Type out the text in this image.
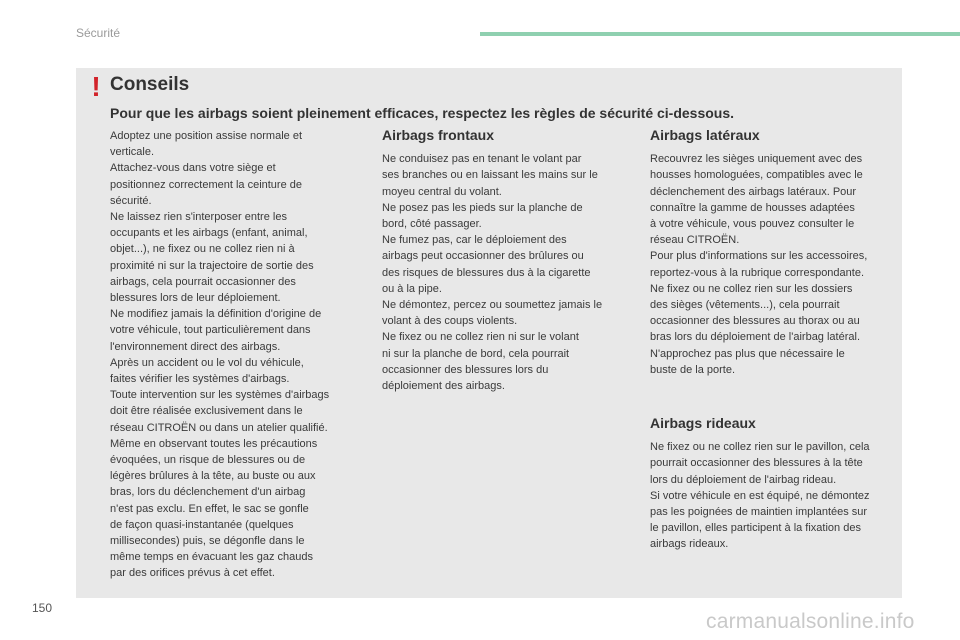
Sécurité
! Conseils
Pour que les airbags soient pleinement efficaces, respectez les règles de sécurité ci-dessous.

Adoptez une position assise normale et
verticale.
Attachez-vous dans votre siège et
positionnez correctement la ceinture de
sécurité.
Ne laissez rien s'interposer entre les
occupants et les airbags (enfant, animal,
objet...), ne fixez ou ne collez rien ni à
proximité ni sur la trajectoire de sortie des
airbags, cela pourrait occasionner des
blessures lors de leur déploiement.
Ne modifiez jamais la définition d'origine de
votre véhicule, tout particulièrement dans
l'environnement direct des airbags.
Après un accident ou le vol du véhicule,
faites vérifier les systèmes d'airbags.
Toute intervention sur les systèmes d'airbags
doit être réalisée exclusivement dans le
réseau CITROËN ou dans un atelier qualifié.
Même en observant toutes les précautions
évoquées, un risque de blessures ou de
légères brûlures à la tête, au buste ou aux
bras, lors du déclenchement d'un airbag
n'est pas exclu. En effet, le sac se gonfle
de façon quasi-instantanée (quelques
millisecondes) puis, se dégonfle dans le
même temps en évacuant les gaz chauds
par des orifices prévus à cet effet.

Airbags frontaux

Ne conduisez pas en tenant le volant par
ses branches ou en laissant les mains sur le
moyeu central du volant.
Ne posez pas les pieds sur la planche de
bord, côté passager.
Ne fumez pas, car le déploiement des
airbags peut occasionner des brûlures ou
des risques de blessures dus à la cigarette
ou à la pipe.
Ne démontez, percez ou soumettez jamais le
volant à des coups violents.
Ne fixez ou ne collez rien ni sur le volant
ni sur la planche de bord, cela pourrait
occasionner des blessures lors du
déploiement des airbags.

Airbags latéraux

Recouvrez les sièges uniquement avec des
housses homologuées, compatibles avec le
déclenchement des airbags latéraux. Pour
connaître la gamme de housses adaptées
à votre véhicule, vous pouvez consulter le
réseau CITROËN.
Pour plus d'informations sur les accessoires,
reportez-vous à la rubrique correspondante.
Ne fixez ou ne collez rien sur les dossiers
des sièges (vêtements...), cela pourrait
occasionner des blessures au thorax ou au
bras lors du déploiement de l'airbag latéral.
N'approchez pas plus que nécessaire le
buste de la porte.

Airbags rideaux

Ne fixez ou ne collez rien sur le pavillon, cela
pourrait occasionner des blessures à la tête
lors du déploiement de l'airbag rideau.
Si votre véhicule en est équipé, ne démontez
pas les poignées de maintien implantées sur
le pavillon, elles participent à la fixation des
airbags rideaux.

150
carmanualsonline.info
